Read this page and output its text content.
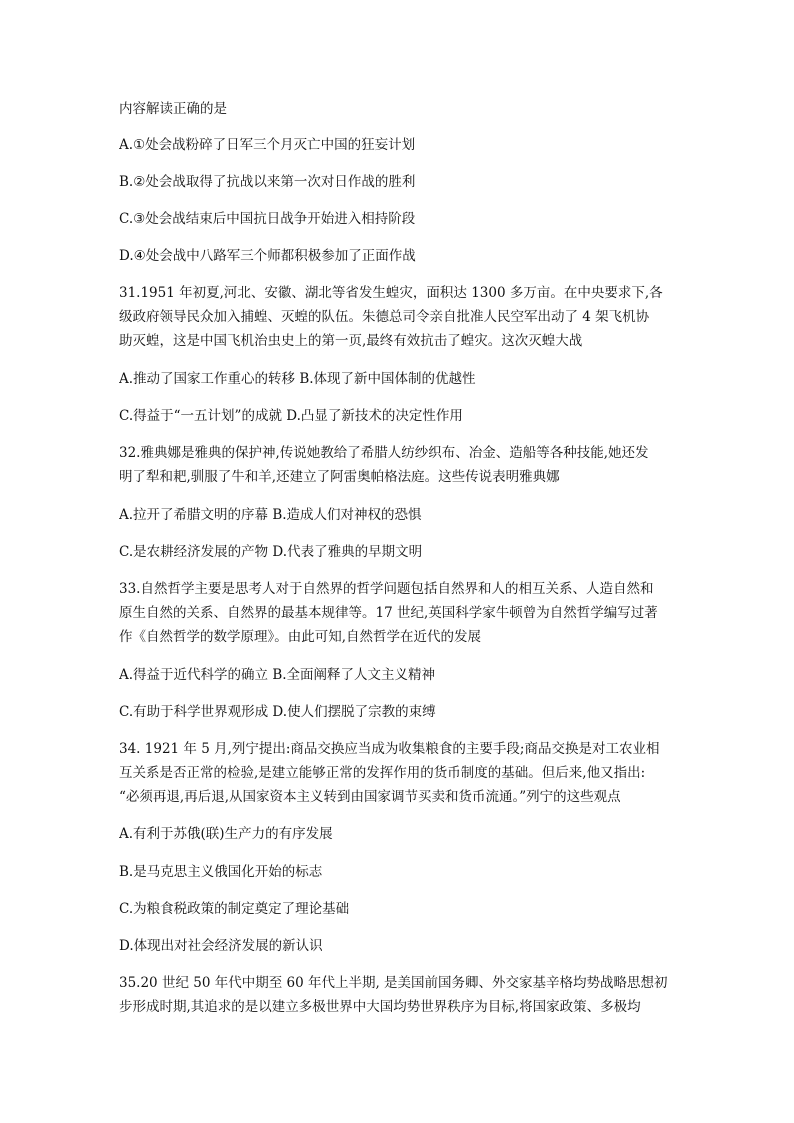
内容解读正确的是
A.①处会战粉碎了日军三个月灭亡中国的狂妄计划
B.②处会战取得了抗战以来第一次对日作战的胜利
C.③处会战结束后中国抗日战争开始进入相持阶段
D.④处会战中八路军三个师都积极参加了正面作战
31.1951 年初夏,河北、安徽、湖北等省发生蝗灾，面积达 1300 多万亩。在中央要求下,各
级政府领导民众加入捕蝗、灭蝗的队伍。朱德总司令亲自批准人民空军出动了 4 架飞机协
助灭蝗，这是中国飞机治虫史上的第一页,最终有效抗击了蝗灾。这次灭蝗大战
A.推动了国家工作重心的转移 B.体现了新中国体制的优越性
C.得益于“一五计划”的成就 D.凸显了新技术的决定性作用
32.雅典娜是雅典的保护神,传说她教给了希腊人纺纱织布、冶金、造船等各种技能,她还发
明了犁和耙,驯服了牛和羊,还建立了阿雷奥帕格法庭。这些传说表明雅典娜
A.拉开了希腊文明的序幕 B.造成人们对神权的恐惧
C.是农耕经济发展的产物 D.代表了雅典的早期文明
33.自然哲学主要是思考人对于自然界的哲学问题包括自然界和人的相互关系、人造自然和
原生自然的关系、自然界的最基本规律等。17 世纪,英国科学家牛顿曾为自然哲学编写过著
作《自然哲学的数学原理》。由此可知,自然哲学在近代的发展
A.得益于近代科学的确立 B.全面阐释了人文主义精神
C.有助于科学世界观形成 D.使人们摆脱了宗教的束缚
34. 1921 年 5 月,列宁提出:商品交换应当成为收集粮食的主要手段;商品交换是对工农业相
互关系是否正常的检验,是建立能够正常的发挥作用的货币制度的基础。但后来,他又指出:
“必须再退,再后退,从国家资本主义转到由国家调节买卖和货币流通。”列宁的这些观点
A.有利于苏俄(联)生产力的有序发展
B.是马克思主义俄国化开始的标志
C.为粮食税政策的制定奠定了理论基础
D.体现出对社会经济发展的新认识
35.20 世纪 50 年代中期至 60 年代上半期, 是美国前国务卿、外交家基辛格均势战略思想初
步形成时期,其追求的是以建立多极世界中大国均势世界秩序为目标,将国家政策、多极均
